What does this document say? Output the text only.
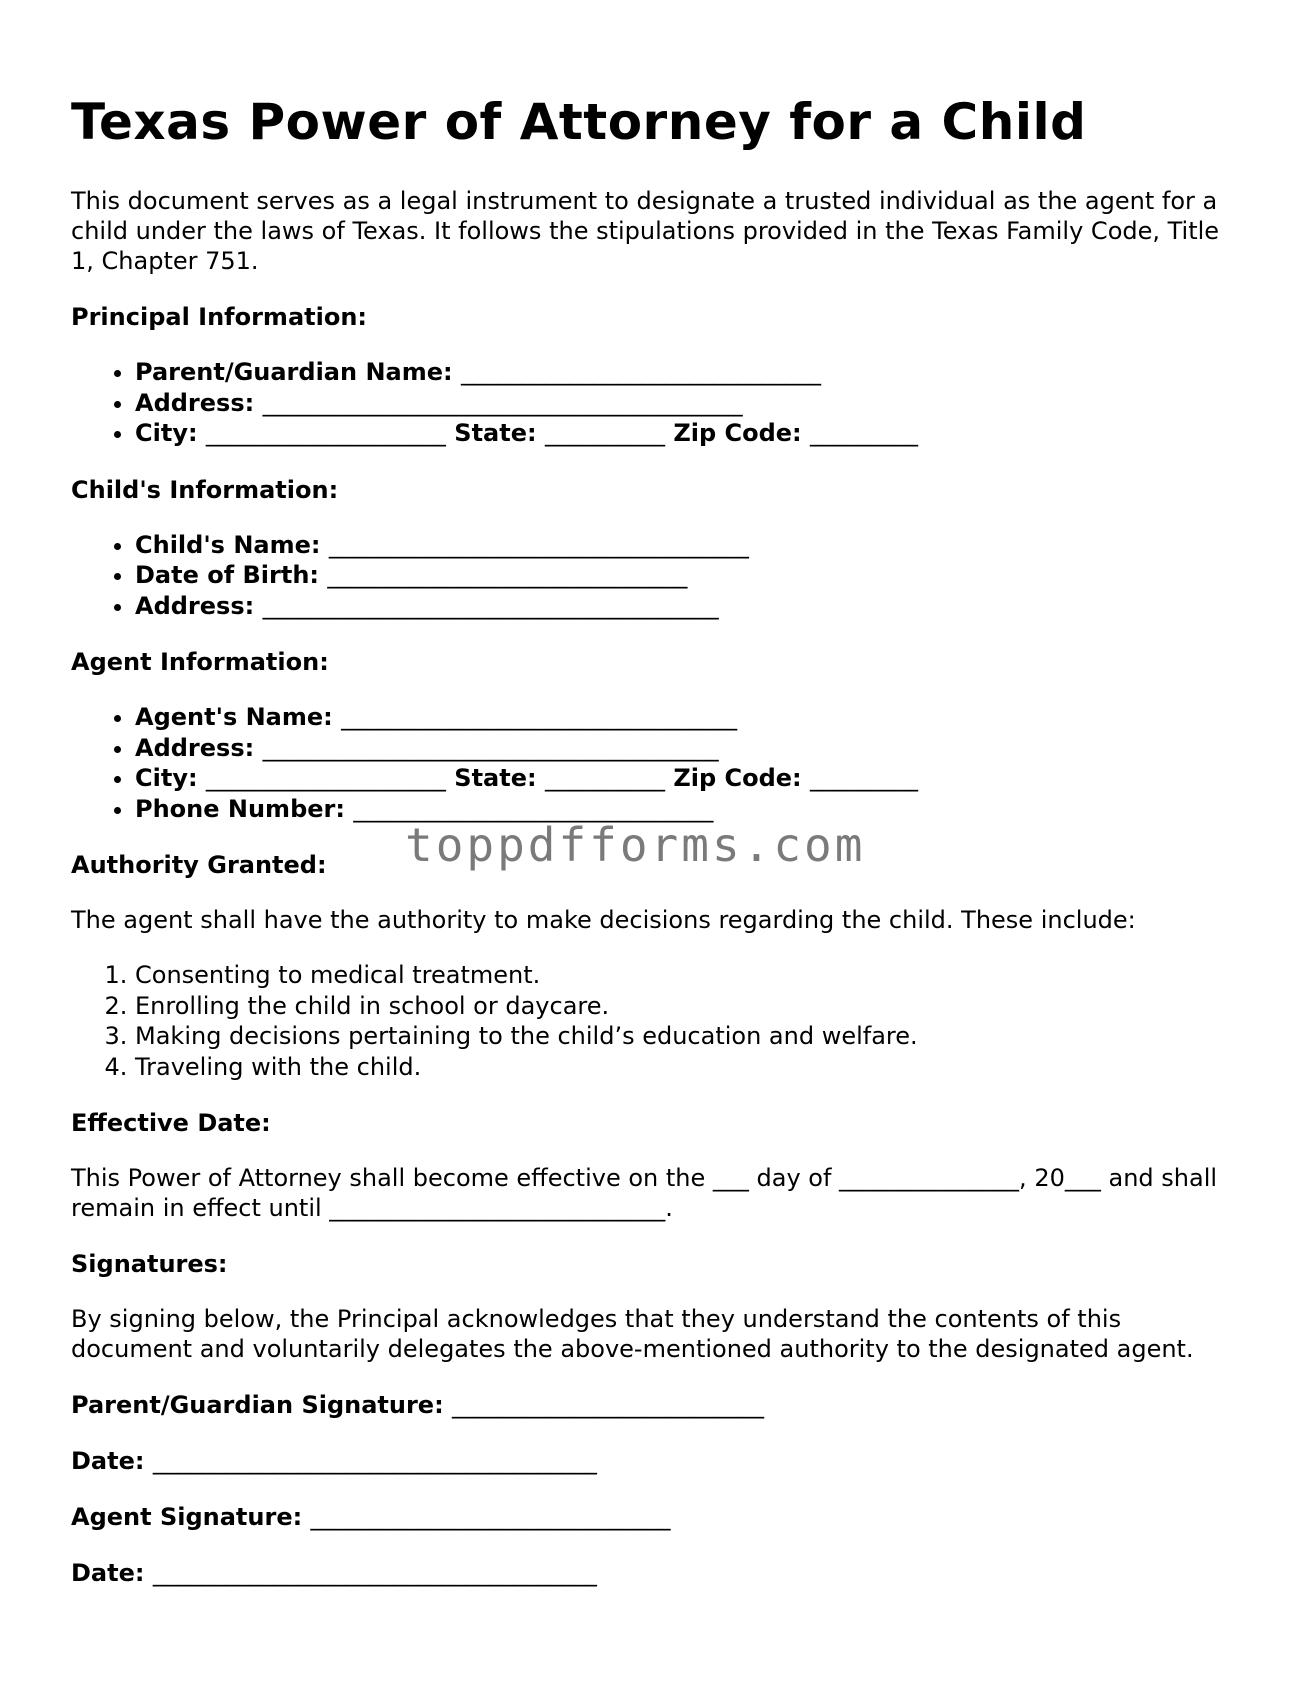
Texas Power of Attorney for a Child

This document serves as a legal instrument to designate a trusted individual as the agent for a child under the laws of Texas. It follows the stipulations provided in the Texas Family Code, Title 1, Chapter 751.

Principal Information:
• Parent/Guardian Name: ______________________________
• Address: ________________________________________
• City: ____________________ State: __________ Zip Code: _________
Child's Information:
• Child's Name: ___________________________________
• Date of Birth: ______________________________
• Address: ______________________________________
Agent Information:
• Agent's Name: _________________________________
• Address: ______________________________________
• City: ____________________ State: __________ Zip Code: _________
• Phone Number: ______________________________
Authority Granted:

The agent shall have the authority to make decisions regarding the child. These include:

1. Consenting to medical treatment.
2. Enrolling the child in school or daycare.
3. Making decisions pertaining to the child’s education and welfare.
4. Traveling with the child.
Effective Date:

This Power of Attorney shall become effective on the ___ day of _______________, 20___ and shall remain in effect until ____________________________.

Signatures:

By signing below, the Principal acknowledges that they understand the contents of this document and voluntarily delegates the above-mentioned authority to the designated agent.

Parent/Guardian Signature: __________________________
Date: _____________________________________
Agent Signature: ______________________________
Date: _____________________________________
toppdfforms.com
